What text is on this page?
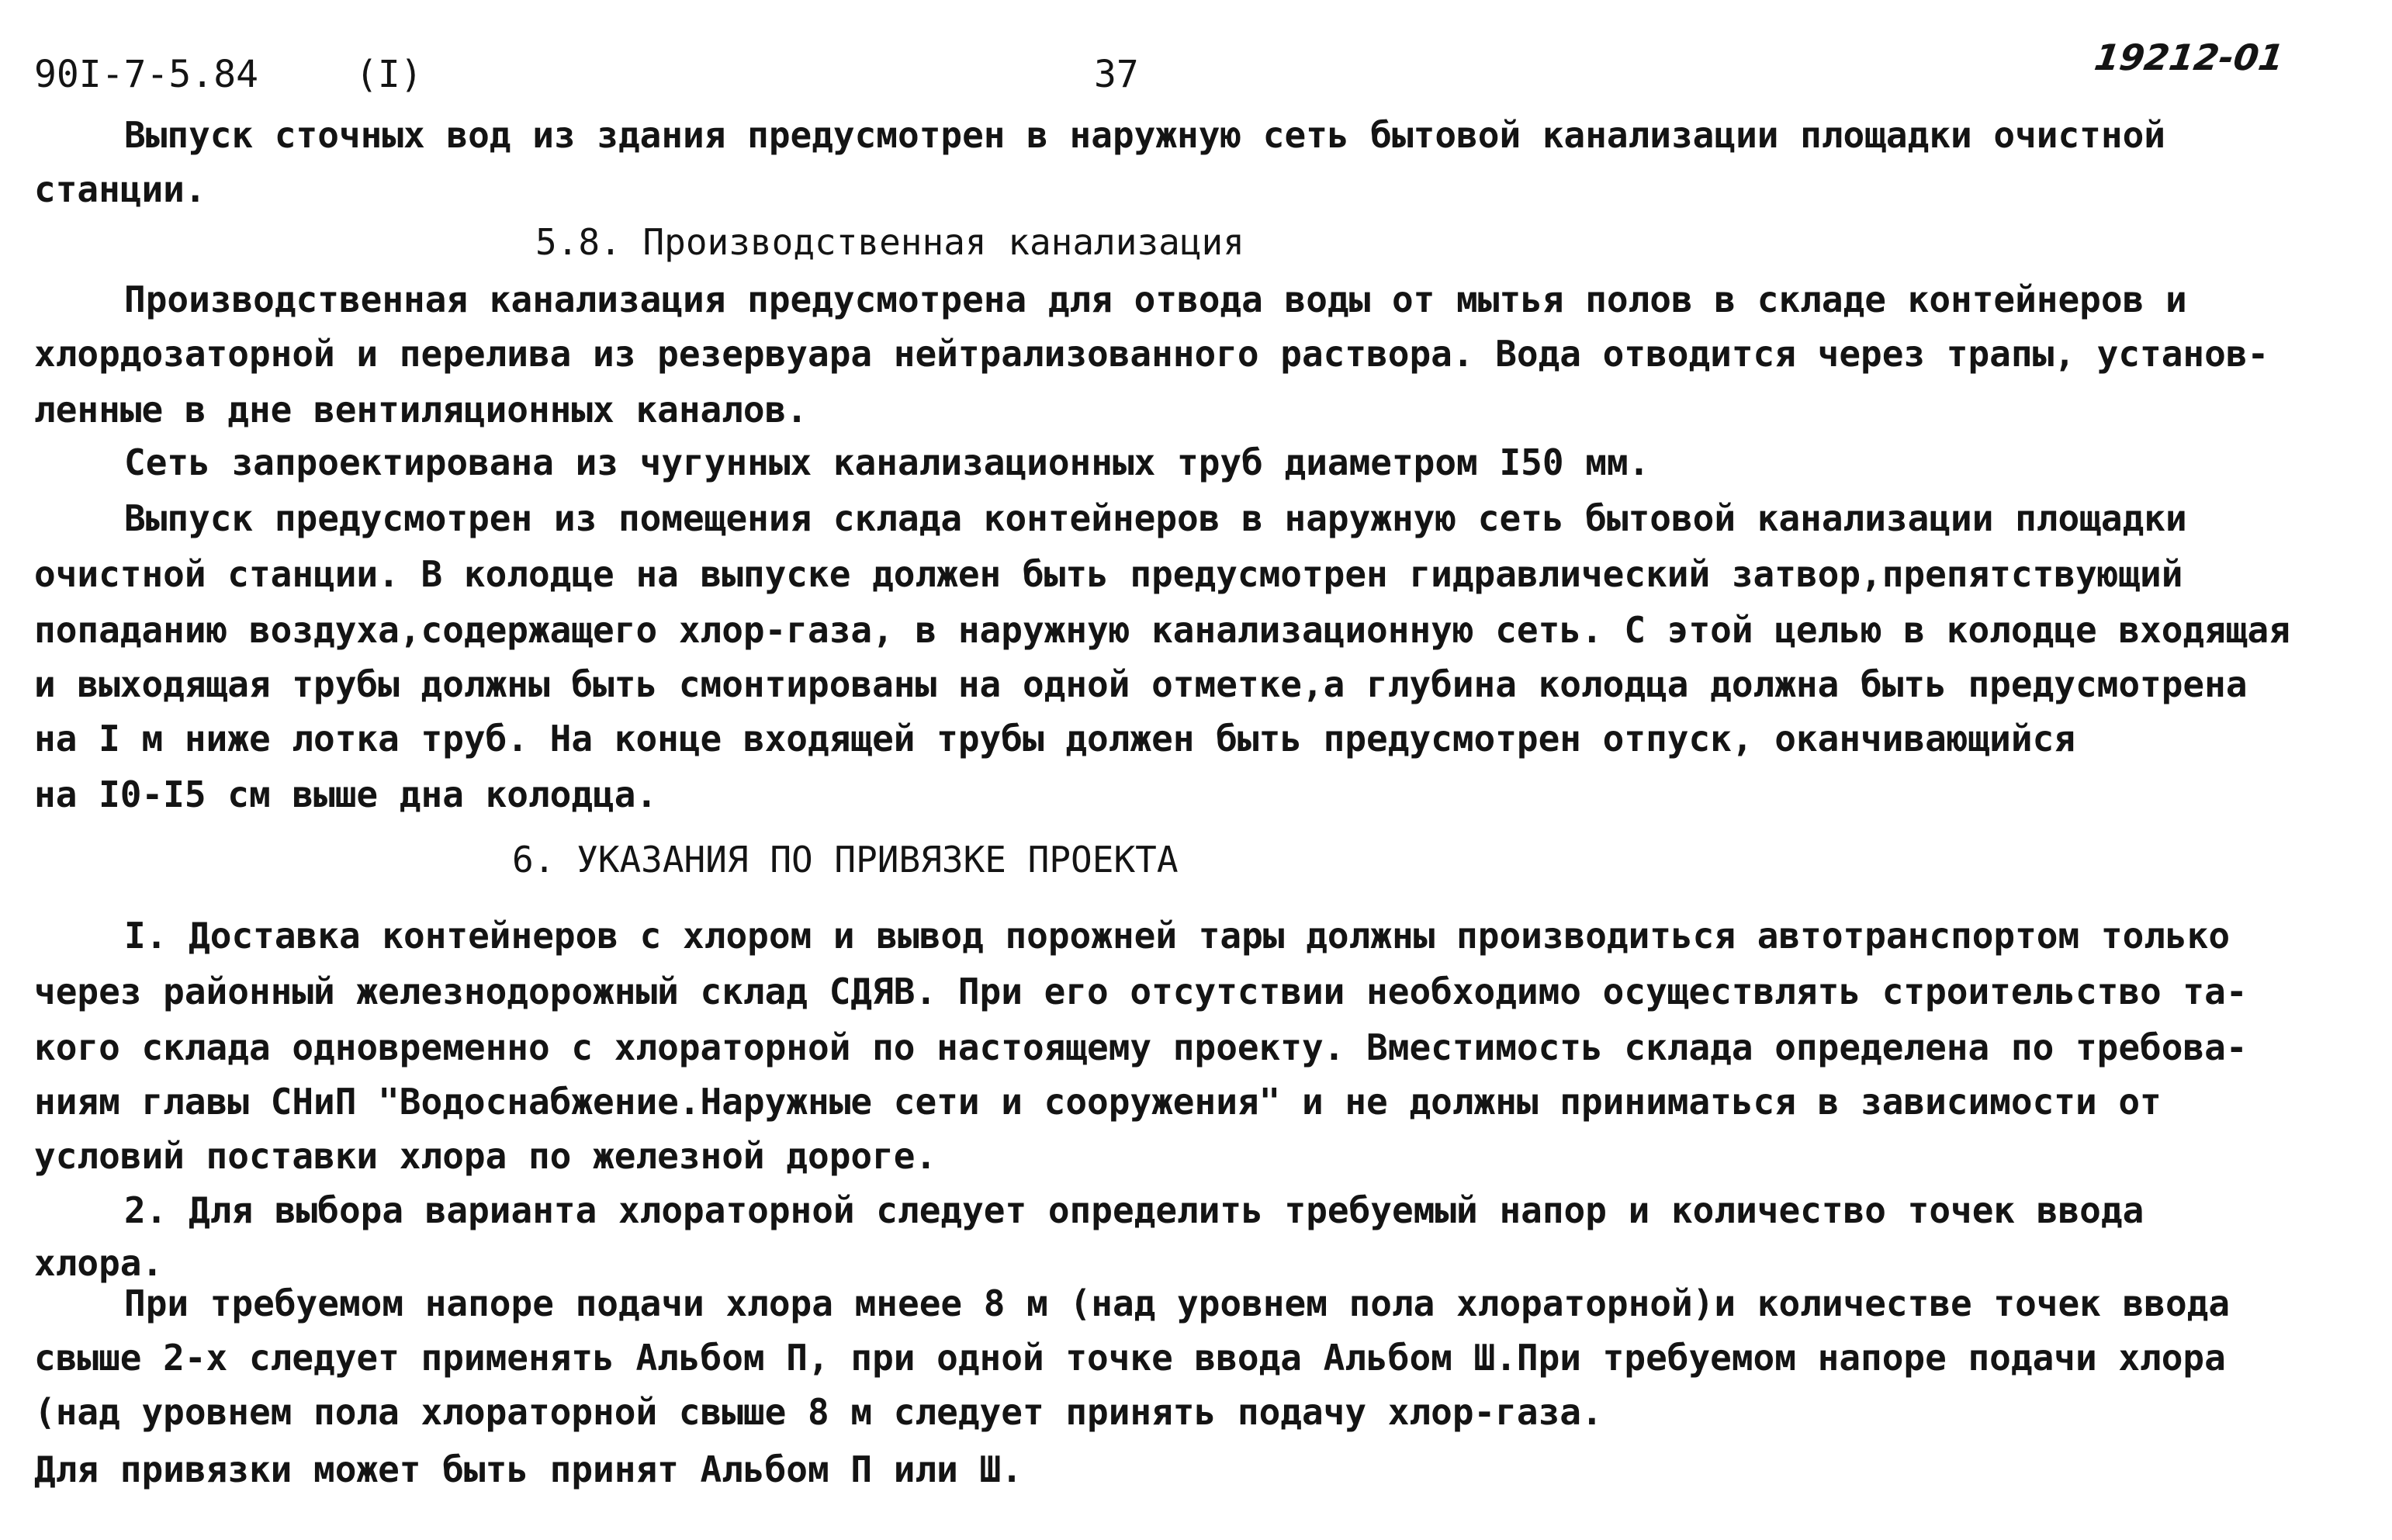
90I-7-5.84	(I)	37	19212-01
Выпуск сточных вод из здания предусмотрен в наружную сеть бытовой канализации площадки очистной
станции.
5.8. Производственная канализация
Производственная канализация предусмотрена для отвода воды от мытья полов в складе контейнеров и
хлордозаторной и перелива из резервуара нейтрализованного раствора. Вода отводится через трапы, установ-
ленные в дне вентиляционных каналов.
Сеть запроектирована из чугунных канализационных труб диаметром I50 мм.
Выпуск предусмотрен из помещения склада контейнеров в наружную сеть бытовой канализации площадки
очистной станции. В колодце на выпуске должен быть предусмотрен гидравлический затвор,препятствующий
попаданию воздуха,содержащего хлор-газа, в наружную канализационную сеть. С этой целью в колодце входящая
и выходящая трубы должны быть смонтированы на одной отметке,а глубина колодца должна быть предусмотрена
на I м ниже лотка труб. На конце входящей трубы должен быть предусмотрен отпуск, оканчивающийся
на I0-I5 см выше дна колодца.
6. УКАЗАНИЯ ПО ПРИВЯЗКЕ ПРОЕКТА
I. Доставка контейнеров с хлором и вывод порожней тары должны производиться автотранспортом только
через районный железнодорожный склад СДЯВ. При его отсутствии необходимо осуществлять строительство та-
кого склада одновременно с хлораторной по настоящему проекту. Вместимость склада определена по требова-
ниям главы СНиП "Водоснабжение.Наружные сети и сооружения" и не должны приниматься в зависимости от
условий поставки хлора по железной дороге.
2. Для выбора варианта хлораторной следует определить требуемый напор и количество точек ввода
хлора.
При требуемом напоре подачи хлора мнеее 8 м (над уровнем пола хлораторной)и количестве точек ввода
свыше 2-х следует применять Альбом П, при одной точке ввода Альбом Ш.При требуемом напоре подачи хлора
(над уровнем пола хлораторной свыше 8 м следует принять подачу хлор-газа.
Для привязки может быть принят Альбом П или Ш.
